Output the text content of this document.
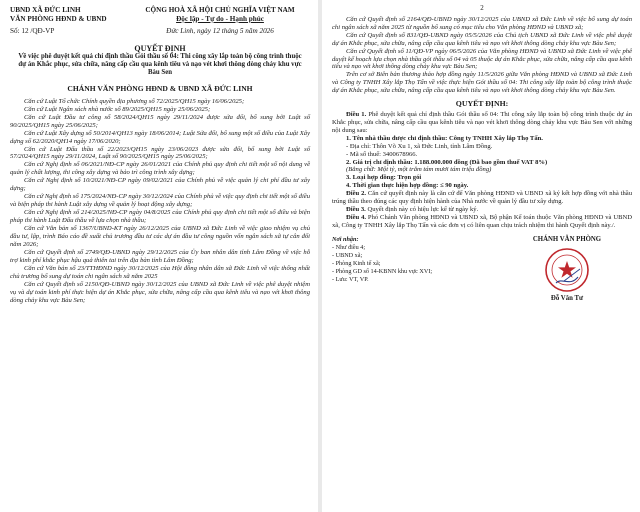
UBND XÃ ĐỨC LINH
VĂN PHÒNG HĐND & UBND
Số: 12 /QĐ-VP
CỘNG HOÀ XÃ HỘI CHỦ NGHĨA VIỆT NAM
Độc lập - Tự do - Hạnh phúc
Đức Linh, ngày 12 tháng 5 năm 2026
QUYẾT ĐỊNH
Về việc phê duyệt kết quả chỉ định thầu Gói thầu số 04: Thi công xây lắp toàn bộ công trình thuộc dự án Khắc phục, sửa chữa, nâng cấp cầu qua kênh tiêu và nạo vét khơi thông dòng chảy khu vực Bàu Sen
CHÁNH VĂN PHÒNG HĐND & UBND XÃ ĐỨC LINH

Căn cứ Luật Tổ chức Chính quyền địa phương số 72/2025/QH15 ngày 16/06/2025;

Căn cứ Luật Ngân sách nhà nước số 89/2025/QH15 ngày 25/06/2025;

Căn cứ Luật Đầu tư công số 58/2024/QH15 ngày 29/11/2024 được sửa đổi, bổ sung bởi Luật số 90/2025/QH15 ngày 25/06/2025;

Căn cứ Luật Xây dựng số 50/2014/QH13 ngày 18/06/2014; Luật Sửa đổi, bổ sung một số điều của Luật Xây dựng số 62/2020/QH14 ngày 17/06/2020;

Căn cứ Luật Đấu thầu số 22/2023/QH15 ngày 23/06/2023 được sửa đổi, bổ sung bởi Luật số 57/2024/QH15 ngày 29/11/2024, Luật số 90/2025/QH15 ngày 25/06/2025;

Căn cứ Nghị định số 06/2021/NĐ-CP ngày 26/01/2021 của Chính phủ quy định chi tiết một số nội dung về quản lý chất lượng, thi công xây dựng và bảo trì công trình xây dựng;

Căn cứ Nghị định số 10/2021/NĐ-CP ngày 09/02/2021 của Chính phủ về việc quản lý chi phí đầu tư xây dựng;

Căn cứ Nghị định số 175/2024/NĐ-CP ngày 30/12/2024 của Chính phủ về việc quy định chi tiết một số điều và biện pháp thi hành Luật xây dựng về quản lý hoạt động xây dựng;

Căn cứ Nghị định số 214/2025/NĐ-CP ngày 04/8/2025 của Chính phủ quy định chi tiết một số điều và biện pháp thi hành Luật Đấu thầu về lựa chọn nhà thầu;

Căn cứ Văn bản số 1367/UBND-KT ngày 26/12/2025 của UBND xã Đức Linh về việc giao nhiệm vụ chủ đầu tư, lập, trình Báo cáo đề xuất chủ trương đầu tư các dự án đầu tư công nguồn vốn ngân sách xã tự cân đối năm 2026;

Căn cứ Quyết định số 2749/QĐ-UBND ngày 29/12/2025 của Ủy ban nhân dân tỉnh Lâm Đồng về việc hỗ trợ kinh phí khắc phục hậu quả thiên tai trên địa bàn tỉnh Lâm Đồng;

Căn cứ Văn bản số 23/TTHĐND ngày 30/12/2025 của Hội đồng nhân dân xã Đức Linh về việc thống nhất chủ trương bổ sung dự toán chi ngân sách xã năm 2025

Căn cứ Quyết định số 2150/QĐ-UBND ngày 30/12/2025 của UBND xã Đức Linh về việc phê duyệt nhiệm vụ và dự toán kinh phí thực hiện dự án Khắc phục, sửa chữa, nâng cấp cầu qua kênh tiêu và nạo vét khơi thông dòng chảy khu vực Bàu Sen;

2

Căn cứ Quyết định số 2164/QĐ-UBND ngày 30/12/2025 của UBND xã Đức Linh về việc bổ sung dự toán chi ngân sách xã năm 2025 từ nguồn bổ sung có mục tiêu cho Văn phòng HĐND và UBND xã;

Căn cứ Quyết định số 831/QĐ-UBND ngày 05/5/2026 của Chủ tịch UBND xã Đức Linh về việc phê duyệt dự án Khắc phục, sửa chữa, nâng cấp cầu qua kênh tiêu và nạo vét khơi thông dòng chảy khu vực Bàu Sen;

Căn cứ Quyết định số 11/QĐ-VP ngày 06/5/2026 của Văn phòng HĐND và UBND xã Đức Linh về việc phê duyệt kế hoạch lựa chọn nhà thầu gói thầu số 04 và 05 thuộc dự án Khắc phục, sửa chữa, nâng cấp cầu qua kênh tiêu và nạo vét khơi thông dòng chảy khu vực Bàu Sen;

Trên cơ sở Biên bản thương thảo hợp đồng ngày 11/5/2026 giữa Văn phòng HĐND và UBND xã Đức Linh và Công ty TNHH Xây lắp Thọ Tấn về việc thực hiện Gói thầu số 04: Thi công xây lắp toàn bộ công trình thuộc dự án Khắc phục, sửa chữa, nâng cấp cầu qua kênh tiêu và nạo vét khơi thông dòng chảy khu vực Bàu Sen.

QUYẾT ĐỊNH:

Điều 1. Phê duyệt kết quả chỉ định thầu Gói thầu số 04: Thi công xây lắp toàn bộ công trình thuộc dự án Khắc phục, sửa chữa, nâng cấp cầu qua kênh tiêu và nạo vét khơi thông dòng chảy khu vực Bàu Sen với những nội dung sau:

1. Tên nhà thầu được chỉ định thầu: Công ty TNHH Xây lắp Thọ Tấn.

- Địa chỉ: Thôn Võ Xu 1, xã Đức Linh, tỉnh Lâm Đồng.

- Mã số thuế: 3400678966.

2. Giá trị chỉ định thầu: 1.188.000.000 đồng (Đã bao gồm thuế VAT 8%)

(Bằng chữ: Một tỷ, một trăm tám mươi tám triệu đồng)

3. Loại hợp đồng: Trọn gói

4. Thời gian thực hiện hợp đồng: ≤ 90 ngày.

Điều 2. Căn cứ quyết định này là căn cứ để Văn phòng HĐND và UBND xã ký kết hợp đồng với nhà thầu trúng thầu theo đúng các quy định hiện hành của Nhà nước về quản lý đầu tư xây dựng.

Điều 3. Quyết định này có hiệu lực kể từ ngày ký.

Điều 4. Phó Chánh Văn phòng HĐND và UBND xã, Bộ phận Kế toán thuộc Văn phòng HĐND và UBND xã, Công ty TNHH Xây lắp Thọ Tấn và các đơn vị có liên quan chịu trách nhiệm thi hành Quyết định này./.

Nơi nhận:
- Như điều 4;
- UBND xã;
- Phòng Kinh tế xã;
- Phòng GD số 14-KBNN khu vực XVI;
- Lưu: VT, VP.
CHÁNH VĂN PHÒNG
Đỗ Văn Tư
